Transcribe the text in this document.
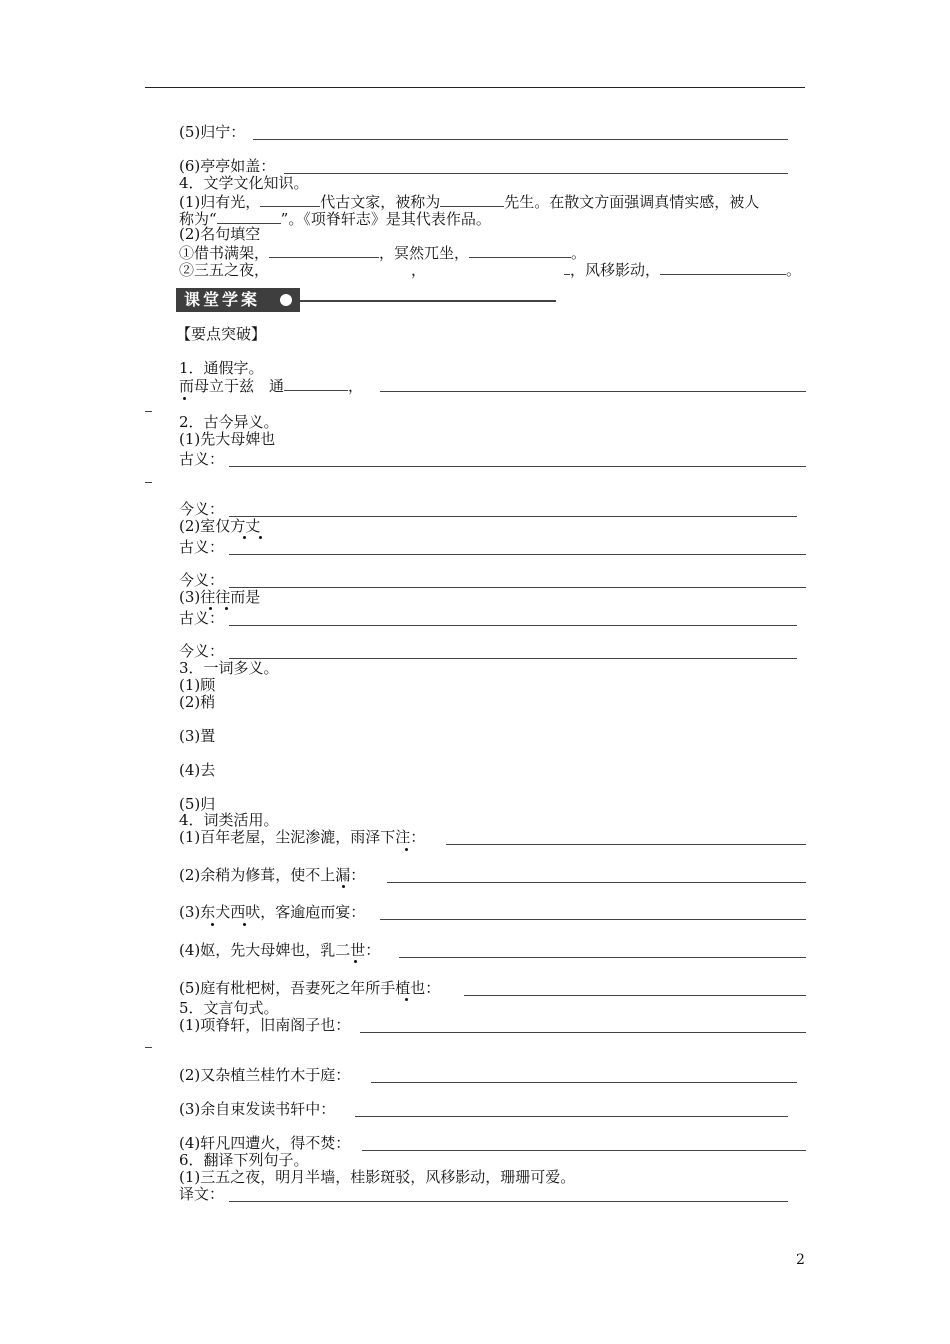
(5)归宁：
(6)亭亭如盖：
4．文学文化知识。
(1)归有光，	代古文家，被称为	先生。在散文方面强调真情实感，被人
称为“	”。《项脊轩志》是其代表作品。
(2)名句填空
①借书满架，	，冥然兀坐，	。
②三五之夜，	，	，风移影动，	。
课堂学案
【要点突破】
1．通假字。
而母立于兹 通	，
2．古今异义。
(1)先大母婢也
古义：
今义：
(2)室仅方丈
古义：
今义：
(3)往往而是
古义：
今义：
3．一词多义。
(1)顾
(2)稍
(3)置
(4)去
(5)归
4．词类活用。
(1)百年老屋，尘泥渗漉，雨泽下注：
(2)余稍为修葺，使不上漏：
(3)东犬西吠，客逾庖而宴：
(4)妪，先大母婢也，乳二世：
(5)庭有枇杷树，吾妻死之年所手植也：
5．文言句式。
(1)项脊轩，旧南阁子也：
(2)又杂植兰桂竹木于庭：
(3)余自束发读书轩中：
(4)轩凡四遭火，得不焚：
6．翻译下列句子。
(1)三五之夜，明月半墙，桂影斑驳，风移影动，珊珊可爱。
译文：
2
